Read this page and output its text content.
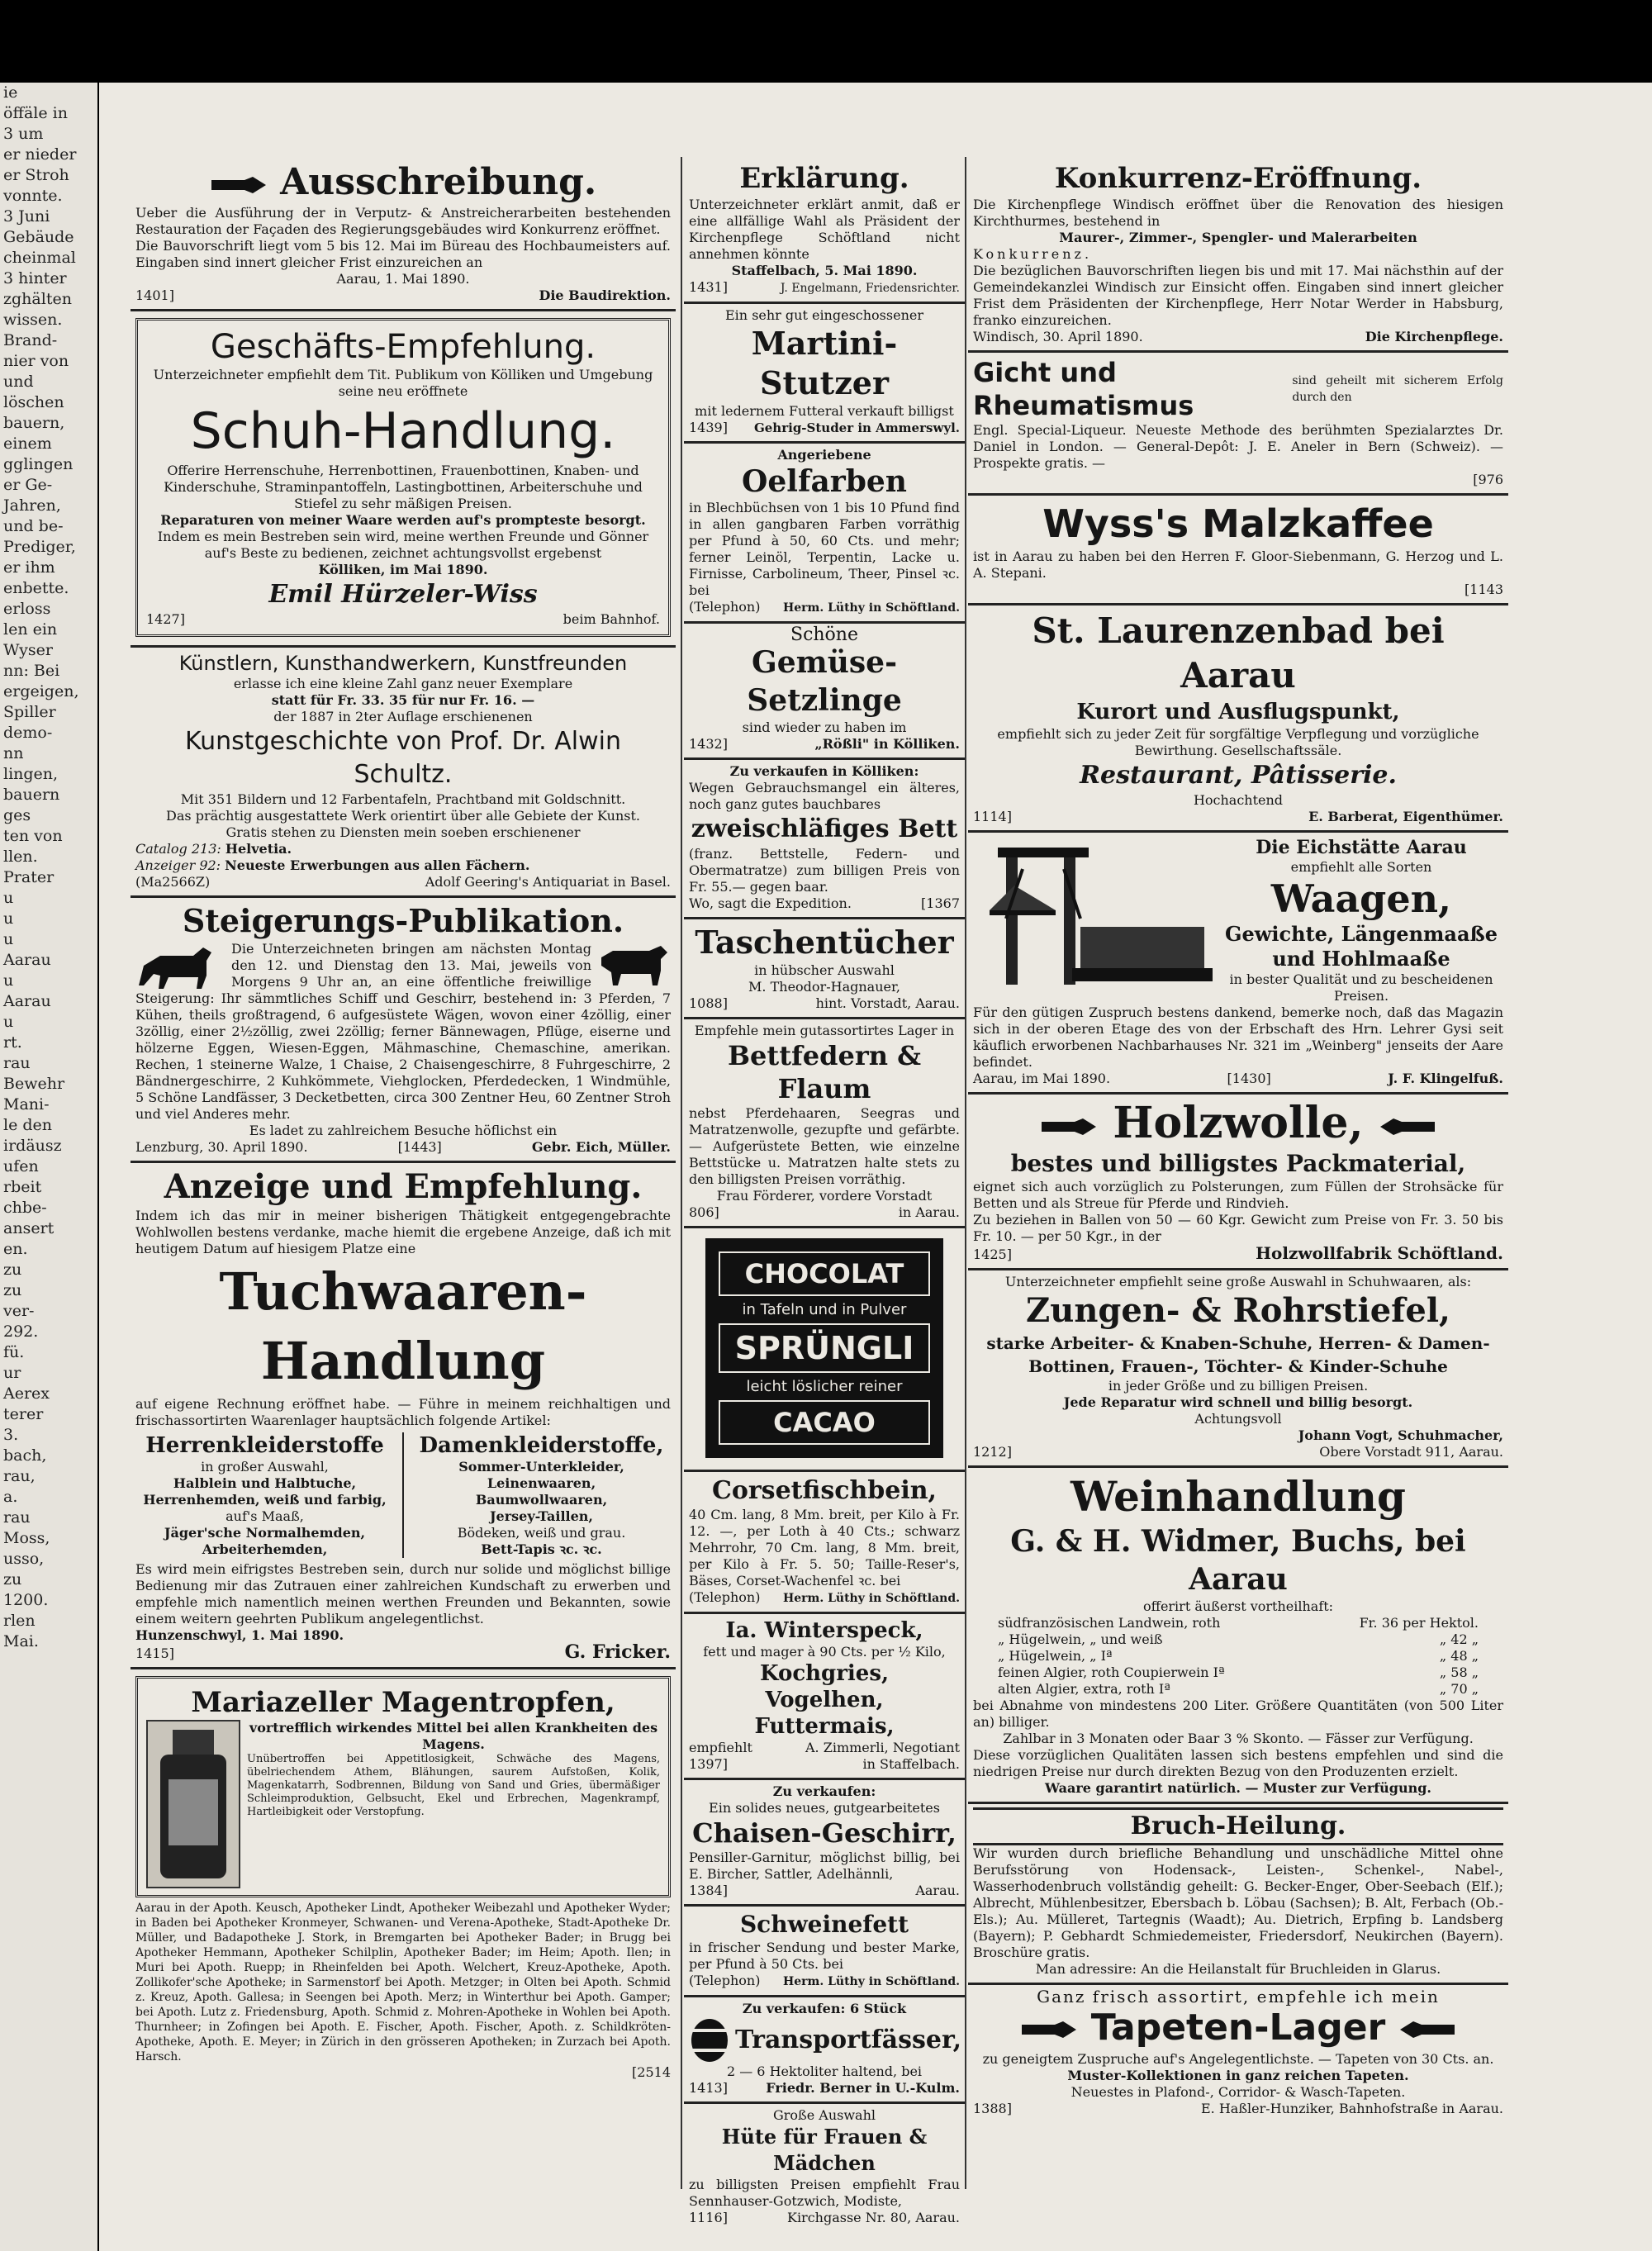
ie
öffäle in
3 um
er nieder
er Stroh
vonnte.
3 Juni
Gebäude
cheinmal
3 hinter
zghälten
wissen.
Brand-
nier von
und
löschen
bauern,
einem
gglingen
er Ge-
Jahren,
und be-
Prediger,
er ihm
enbette.
erloss
len ein
Wyser
nn: Bei
ergeigen,
Spiller
demo-
nn
lingen,
bauern
ges
ten von
llen.
Prater
u
u
u
Aarau
u
Aarau
u
rt.
rau
Bewehr
Mani-
le den
irdäusz
ufen
rbeit
chbe-
ansert
en.
zu
zu
ver-
292.
fü.
ur
Aerex
terer
3.
bach,
rau,
a.
rau
Moss,
usso,
zu
1200.
rlen
Mai.
Ausschreibung.
Ueber die Ausführung der in Verputz- & Anstreicherarbeiten bestehenden Restauration der Façaden des Regierungsgebäudes wird Konkurrenz eröffnet.
Die Bauvorschrift liegt vom 5 bis 12. Mai im Büreau des Hochbaumeisters auf. Eingaben sind innert gleicher Frist einzureichen an
Aarau, 1. Mai 1890.
1401]	Die Baudirektion.
Geschäfts-Empfehlung.
Unterzeichneter empfiehlt dem Tit. Publikum von Kölliken und Umgebung seine neu eröffnete
Schuh-Handlung.
Offerire Herrenschuhe, Herrenbottinen, Frauenbottinen, Knaben- und Kinderschuhe, Straminpantoffeln, Lastingbottinen, Arbeiterschuhe und Stiefel zu sehr mäßigen Preisen.
Reparaturen von meiner Waare werden auf's prompteste besorgt.
Indem es mein Bestreben sein wird, meine werthen Freunde und Gönner auf's Beste zu bedienen, zeichnet achtungsvollst ergebenst
Kölliken, im Mai 1890.
Emil Hürzeler-Wiss
1427]	beim Bahnhof.
Künstlern, Kunsthandwerkern, Kunstfreunden
erlasse ich eine kleine Zahl ganz neuer Exemplare
statt für Fr. 33. 35 für nur Fr. 16. —
der 1887 in 2ter Auflage erschienenen
Kunstgeschichte von Prof. Dr. Alwin Schultz.
Mit 351 Bildern und 12 Farbentafeln, Prachtband mit Goldschnitt.
Das prächtig ausgestattete Werk orientirt über alle Gebiete der Kunst.
Gratis stehen zu Diensten mein soeben erschienener
Catalog 213: Helvetia.
Anzeiger 92: Neueste Erwerbungen aus allen Fächern.
(Ma2566Z)	Adolf Geering's Antiquariat in Basel.
Steigerungs-Publikation.
Die Unterzeichneten bringen am nächsten Montag den 12. und Dienstag den 13. Mai, jeweils von Morgens 9 Uhr an, an eine öffentliche freiwillige Steigerung: Ihr sämmtliches Schiff und Geschirr, bestehend in: 3 Pferden, 7 Kühen, theils großtragend, 6 aufgesüstete Wägen, wovon einer 4zöllig, einer 3zöllig, einer 2½zöllig, zwei 2zöllig; ferner Bännewagen, Pflüge, eiserne und hölzerne Eggen, Wiesen-Eggen, Mähmaschine, Chemaschine, amerikan. Rechen, 1 steinerne Walze, 1 Chaise, 2 Chaisengeschirre, 8 Fuhrgeschirre, 2 Bändnergeschirre, 2 Kuhkömmete, Viehglocken, Pferdedecken, 1 Windmühle, 5 Schöne Landfässer, 3 Decketbetten, circa 300 Zentner Heu, 60 Zentner Stroh und viel Anderes mehr.
Es ladet zu zahlreichem Besuche höflichst ein
Lenzburg, 30. April 1890.	[1443]	Gebr. Eich, Müller.
Anzeige und Empfehlung.
Indem ich das mir in meiner bisherigen Thätigkeit entgegengebrachte Wohlwollen bestens verdanke, mache hiemit die ergebene Anzeige, daß ich mit heutigem Datum auf hiesigem Platze eine
Tuchwaaren-Handlung
auf eigene Rechnung eröffnet habe. — Führe in meinem reichhaltigen und frischassortirten Waarenlager hauptsächlich folgende Artikel:
Herrenkleiderstoffe
in großer Auswahl,
Halblein und Halbtuche,
Herrenhemden, weiß und farbig,
auf's Maaß,
Jäger'sche Normalhemden,
Arbeiterhemden,
Damenkleiderstoffe,
Sommer-Unterkleider,
Leinenwaaren,
Baumwollwaaren,
Jersey-Taillen,
Bödeken, weiß und grau.
Bett-Tapis ꝛc. ꝛc.
Es wird mein eifrigstes Bestreben sein, durch nur solide und möglichst billige Bedienung mir das Zutrauen einer zahlreichen Kundschaft zu erwerben und empfehle mich namentlich meinen werthen Freunden und Bekannten, sowie einem weitern geehrten Publikum angelegentlichst.
Hunzenschwyl, 1. Mai 1890.
1415]	G. Fricker.
Mariazeller Magentropfen,
vortrefflich wirkendes Mittel bei allen Krankheiten des Magens.
Unübertroffen bei Appetitlosigkeit, Schwäche des Magens, übelriechendem Athem, Blähungen, saurem Aufstoßen, Kolik, Magenkatarrh, Sodbrennen, Bildung von Sand und Gries, übermäßiger Schleimproduktion, Gelbsucht, Ekel und Erbrechen, Magenkrampf, Hartleibigkeit oder Verstopfung.
Aarau in der Apoth. Keusch, Apotheker Lindt, Apotheker Weibezahl und Apotheker Wyder; in Baden bei Apotheker Kronmeyer, Schwanen- und Verena-Apotheke, Stadt-Apotheke Dr. Müller, und Badapotheke J. Stork, in Bremgarten bei Apotheker Bader; in Brugg bei Apotheker Hemmann, Apotheker Schilplin, Apotheker Bader; im Heim; Apoth. Ilen; in Muri bei Apoth. Ruepp; in Rheinfelden bei Apoth. Welchert, Kreuz-Apotheke, Apoth. Zollikofer'sche Apotheke; in Sarmenstorf bei Apoth. Metzger; in Olten bei Apoth. Schmid z. Kreuz, Apoth. Gallesa; in Seengen bei Apoth. Merz; in Winterthur bei Apoth. Gamper; bei Apoth. Lutz z. Friedensburg, Apoth. Schmid z. Mohren-Apotheke in Wohlen bei Apoth. Thurnheer; in Zofingen bei Apoth. E. Fischer, Apoth. Fischer, Apoth. z. Schildkröten-Apotheke, Apoth. E. Meyer; in Zürich in den grösseren Apotheken; in Zurzach bei Apoth. Harsch.
[2514
Erklärung.
Unterzeichneter erklärt anmit, daß er eine allfällige Wahl als Präsident der Kirchenpflege Schöftland nicht annehmen könnte
Staffelbach, 5. Mai 1890.
1431]	J. Engelmann, Friedensrichter.
Ein sehr gut eingeschossener
Martini-Stutzer
mit ledernem Futteral verkauft billigst
1439] Gehrig-Studer in Ammerswyl.
Angeriebene
Oelfarben
in Blechbüchsen von 1 bis 10 Pfund find in allen gangbaren Farben vorräthig per Pfund à 50, 60 Cts. und mehr; ferner Leinöl, Terpentin, Lacke u. Firnisse, Carbolineum, Theer, Pinsel ꝛc. bei
(Telephon) Herm. Lüthy in Schöftland.
Schöne
Gemüse-Setzlinge
sind wieder zu haben im
1432]	„Rößli" in Kölliken.
Zu verkaufen in Kölliken:
Wegen Gebrauchsmangel ein älteres, noch ganz gutes bauchbares
zweischläfiges Bett
(franz. Bettstelle, Federn- und Obermatratze) zum billigen Preis von Fr. 55.— gegen baar.
Wo, sagt die Expedition.	[1367
Taschentücher
in hübscher Auswahl
M. Theodor-Hagnauer,
1088]	hint. Vorstadt, Aarau.
Empfehle mein gutassortirtes Lager in
Bettfedern & Flaum
nebst Pferdehaaren, Seegras und Matratzenwolle, gezupfte und gefärbte. — Aufgerüstete Betten, wie einzelne Bettstücke u. Matratzen halte stets zu den billigsten Preisen vorräthig.
Frau Förderer, vordere Vorstadt
806]	in Aarau.
CHOCOLAT
in Tafeln und in Pulver
SPRÜNGLI
leicht löslicher reiner
CACAO
Corsetfischbein,
40 Cm. lang, 8 Mm. breit, per Kilo à Fr. 12. —, per Loth à 40 Cts.; schwarz Mehrrohr, 70 Cm. lang, 8 Mm. breit, per Kilo à Fr. 5. 50; Taille-Reser's, Bäses, Corset-Wachenfel ꝛc. bei
(Telephon) Herm. Lüthy in Schöftland.
Ia. Winterspeck,
fett und mager à 90 Cts. per ½ Kilo,
Kochgries,
Vogelhen,
Futtermais,
empfiehlt	A. Zimmerli, Negotiant
1397]	in Staffelbach.
Zu verkaufen:
Ein solides neues, gutgearbeitetes
Chaisen-Geschirr,
Pensiller-Garnitur, möglichst billig, bei E. Bircher, Sattler, Adelhännli,
1384]	Aarau.
Schweinefett
in frischer Sendung und bester Marke, per Pfund à 50 Cts. bei
(Telephon) Herm. Lüthy in Schöftland.
Zu verkaufen: 6 Stück
Transportfässer,
2 — 6 Hektoliter haltend, bei
1413]	Friedr. Berner in U.-Kulm.
Große Auswahl
Hüte für Frauen & Mädchen
zu billigsten Preisen empfiehlt Frau Sennhauser-Gotzwich, Modiste,
1116]	Kirchgasse Nr. 80, Aarau.
Konkurrenz-Eröffnung.
Die Kirchenpflege Windisch eröffnet über die Renovation des hiesigen Kirchthurmes, bestehend in
Maurer-, Zimmer-, Spengler- und Malerarbeiten
Konkurrenz.
Die bezüglichen Bauvorschriften liegen bis und mit 17. Mai nächsthin auf der Gemeindekanzlei Windisch zur Einsicht offen. Eingaben sind innert gleicher Frist dem Präsidenten der Kirchenpflege, Herr Notar Werder in Habsburg, franko einzureichen.
Windisch, 30. April 1890.	Die Kirchenpflege.
Gicht und Rheumatismus
sind geheilt mit sicherem Erfolg durch den
Engl. Special-Liqueur. Neueste Methode des berühmten Spezialarztes Dr. Daniel in London. — General-Depôt: J. E. Aneler in Bern (Schweiz). — Prospekte gratis. —
[976
Wyss's Malzkaffee
ist in Aarau zu haben bei den Herren F. Gloor-Siebenmann, G. Herzog und L. A. Stepani.
[1143
St. Laurenzenbad bei Aarau
Kurort und Ausflugspunkt,
empfiehlt sich zu jeder Zeit für sorgfältige Verpflegung und vorzügliche Bewirthung. Gesellschaftssäle.
Restaurant, Pâtisserie.
Hochachtend
1114]	E. Barberat, Eigenthümer.
Die Eichstätte Aarau
empfiehlt alle Sorten
Waagen,
Gewichte, Längenmaaße und Hohlmaaße
in bester Qualität und zu bescheidenen Preisen.
Für den gütigen Zuspruch bestens dankend, bemerke noch, daß das Magazin sich in der oberen Etage des von der Erbschaft des Hrn. Lehrer Gysi seit käuflich erworbenen Nachbarhauses Nr. 321 im „Weinberg" jenseits der Aare befindet.
Aarau, im Mai 1890.	[1430]	J. F. Klingelfuß.
Holzwolle,
bestes und billigstes Packmaterial,
eignet sich auch vorzüglich zu Polsterungen, zum Füllen der Strohsäcke für Betten und als Streue für Pferde und Rindvieh.
Zu beziehen in Ballen von 50 — 60 Kgr. Gewicht zum Preise von Fr. 3. 50 bis Fr. 10. — per 50 Kgr., in der
1425]	Holzwollfabrik Schöftland.
Unterzeichneter empfiehlt seine große Auswahl in Schuhwaaren, als:
Zungen- & Rohrstiefel,
starke Arbeiter- & Knaben-Schuhe, Herren- & Damen-Bottinen, Frauen-, Töchter- & Kinder-Schuhe
in jeder Größe und zu billigen Preisen.
Jede Reparatur wird schnell und billig besorgt.
Achtungsvoll
Johann Vogt, Schuhmacher,
1212]	Obere Vorstadt 911, Aarau.
Weinhandlung
G. & H. Widmer, Buchs, bei Aarau
offerirt äußerst vortheilhaft:
südfranzösischen Landwein, roth	Fr. 36 per Hektol.
„ Hügelwein, „ und weiß	„ 42 „
„ Hügelwein, „ Iª	„ 48 „
feinen Algier, roth Coupierwein Iª	„ 58 „
alten Algier, extra, roth Iª	„ 70 „
bei Abnahme von mindestens 200 Liter. Größere Quantitäten (von 500 Liter an) billiger.
Zahlbar in 3 Monaten oder Baar 3 % Skonto. — Fässer zur Verfügung.
Diese vorzüglichen Qualitäten lassen sich bestens empfehlen und sind die niedrigen Preise nur durch direkten Bezug von den Produzenten erzielt.
Waare garantirt natürlich. — Muster zur Verfügung.
Bruch-Heilung.
Wir wurden durch briefliche Behandlung und unschädliche Mittel ohne Berufsstörung von Hodensack-, Leisten-, Schenkel-, Nabel-, Wasserhodenbruch vollständig geheilt: G. Becker-Enger, Ober-Seebach (Elf.); Albrecht, Mühlenbesitzer, Ebersbach b. Löbau (Sachsen); B. Alt, Ferbach (Ob.-Els.); Au. Mülleret, Tartegnis (Waadt); Au. Dietrich, Erpfing b. Landsberg (Bayern); P. Gebhardt Schmiedemeister, Friedersdorf, Neukirchen (Bayern). Broschüre gratis.
Man adressire: An die Heilanstalt für Bruchleiden in Glarus.
Ganz frisch assortirt, empfehle ich mein
Tapeten-Lager
zu geneigtem Zuspruche auf's Angelegentlichste. — Tapeten von 30 Cts. an.
Muster-Kollektionen in ganz reichen Tapeten.
Neuestes in Plafond-, Corridor- & Wasch-Tapeten.
1388]	E. Haßler-Hunziker, Bahnhofstraße in Aarau.
